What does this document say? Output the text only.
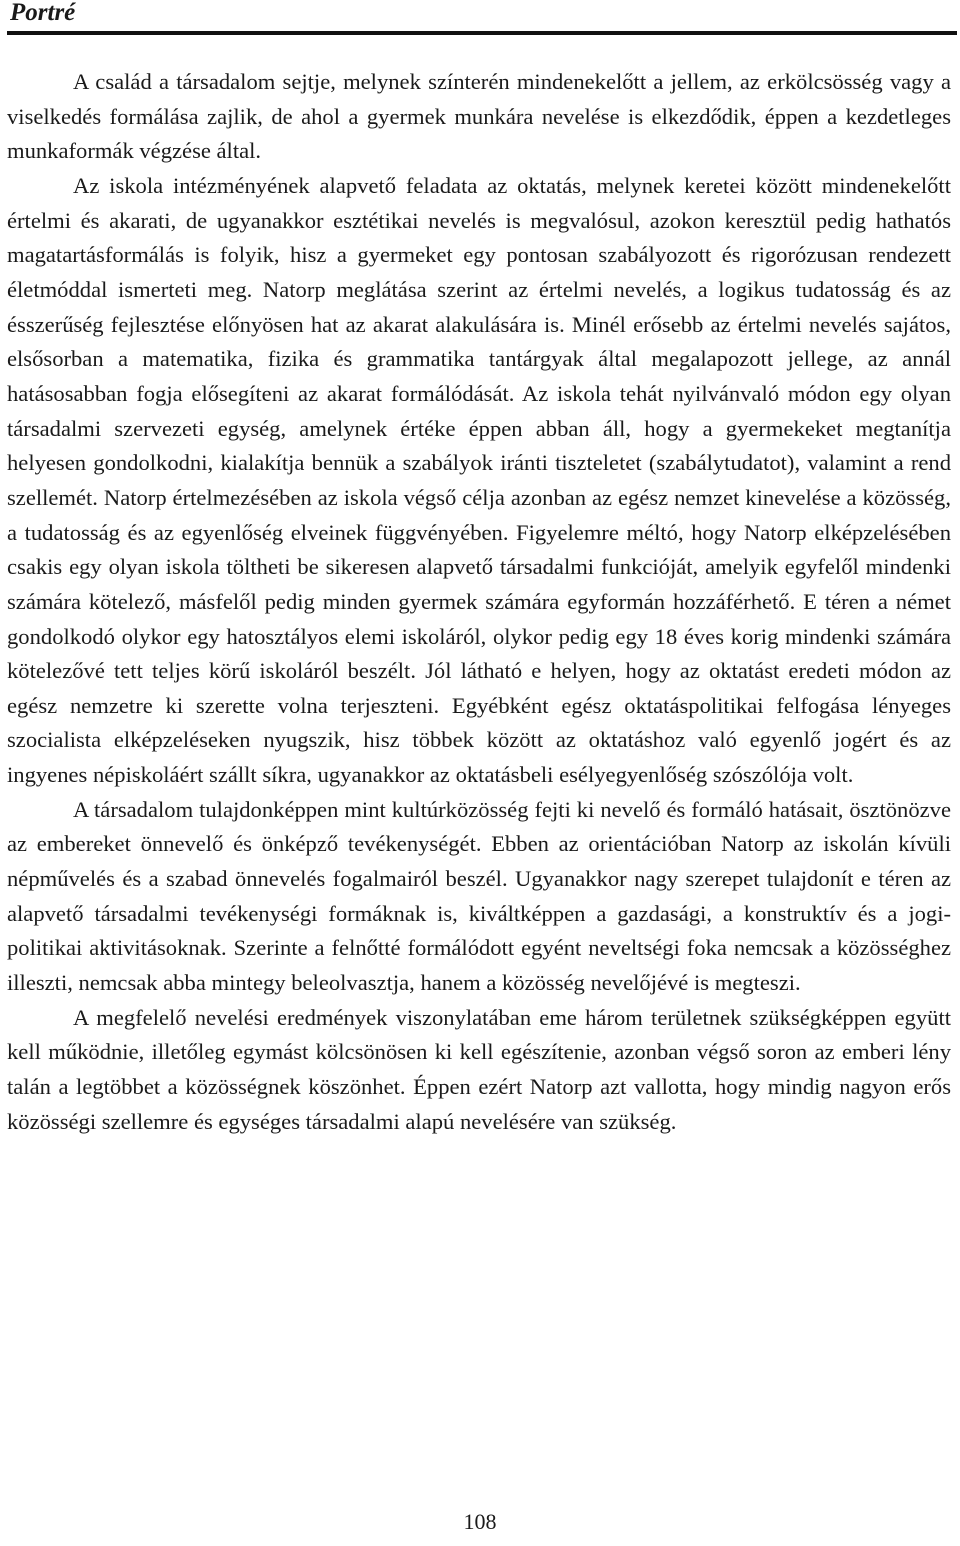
Portré

A család a társadalom sejtje, melynek színterén mindenekelőtt a jellem, az erkölcsösség vagy a viselkedés formálása zajlik, de ahol a gyermek munkára nevelése is elkezdődik, éppen a kezdetleges munkaformák végzése által.

Az iskola intézményének alapvető feladata az oktatás, melynek keretei között mindenekelőtt értelmi és akarati, de ugyanakkor esztétikai nevelés is megvalósul, azokon keresztül pedig hathatós magatartásformálás is folyik, hisz a gyermeket egy pontosan szabályozott és rigorózusan rendezett életmóddal ismerteti meg. Natorp meglátása szerint az értelmi nevelés, a logikus tudatosság és az ésszerűség fejlesztése előnyösen hat az akarat alakulására is. Minél erősebb az értelmi nevelés sajátos, elsősorban a matematika, fizika és grammatika tantárgyak által megalapozott jellege, az annál hatásosabban fogja elősegíteni az akarat formálódását. Az iskola tehát nyilvánvaló módon egy olyan társadalmi szervezeti egység, amelynek értéke éppen abban áll, hogy a gyermekeket megtanítja helyesen gondolkodni, kialakítja bennük a szabályok iránti tiszteletet (szabálytudatot), valamint a rend szellemét. Natorp értelmezésében az iskola végső célja azonban az egész nemzet kinevelése a közösség, a tudatosság és az egyenlőség elveinek függvényében. Figyelemre méltó, hogy Natorp elképzelésében csakis egy olyan iskola töltheti be sikeresen alapvető társadalmi funkcióját, amelyik egyfelől mindenki számára kötelező, másfelől pedig minden gyermek számára egyformán hozzáférhető. E téren a német gondolkodó olykor egy hatosztályos elemi iskoláról, olykor pedig egy 18 éves korig mindenki számára kötelezővé tett teljes körű iskoláról beszélt. Jól látható e helyen, hogy az oktatást eredeti módon az egész nemzetre ki szerette volna terjeszteni. Egyébként egész oktatáspolitikai felfogása lényeges szocialista elképzeléseken nyugszik, hisz többek között az oktatáshoz való egyenlő jogért és az ingyenes népiskoláért szállt síkra, ugyanakkor az oktatásbeli esélyegyenlőség szószólója volt.

A társadalom tulajdonképpen mint kultúrközösség fejti ki nevelő és formáló hatásait, ösztönözve az embereket önnevelő és önképző tevékenységét. Ebben az orientációban Natorp az iskolán kívüli népművelés és a szabad önnevelés fogalmairól beszél. Ugyanakkor nagy szerepet tulajdonít e téren az alapvető társadalmi tevékenységi formáknak is, kiváltképpen a gazdasági, a konstruktív és a jogi-politikai aktivitásoknak. Szerinte a felnőtté formálódott egyént neveltségi foka nemcsak a közösséghez illeszti, nemcsak abba mintegy beleolvasztja, hanem a közösség nevelőjévé is megteszi.

A megfelelő nevelési eredmények viszonylatában eme három területnek szükségképpen együtt kell működnie, illetőleg egymást kölcsönösen ki kell egészítenie, azonban végső soron az emberi lény talán a legtöbbet a közösségnek köszönhet. Éppen ezért Natorp azt vallotta, hogy mindig nagyon erős közösségi szellemre és egységes társadalmi alapú nevelésére van szükség.

108
